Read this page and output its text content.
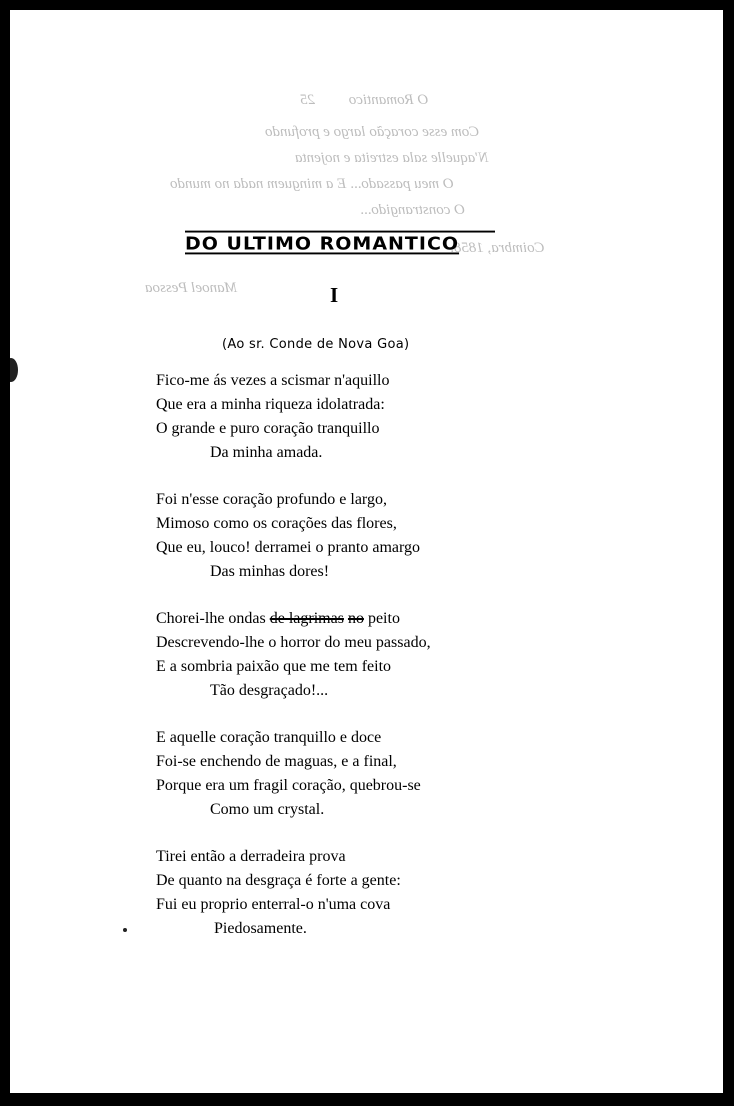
O Romantico         25
Com esse coração largo e profundo
N'aquelle sala estreita e nojenta
O meu passado... E a minguem nada no mundo
O constrangido...
Coimbra, 1858.
Manoel Pessoa
DO ULTIMO ROMANTICO
I
(Ao sr. Conde de Nova Goa)
Fico-me ás vezes a scismar n'aquillo
Que era a minha riqueza idolatrada:
O grande e puro coração tranquillo
Da minha amada.
Foi n'esse coração profundo e largo,
Mimoso como os corações das flores,
Que eu, louco! derramei o pranto amargo
Das minhas dores!
Chorei-lhe ondas de lagrimas no peito
Descrevendo-lhe o horror do meu passado,
E a sombria paixão que me tem feito
Tão desgraçado!...
E aquelle coração tranquillo e doce
Foi-se enchendo de maguas, e a final,
Porque era um fragil coração, quebrou-se
Como um crystal.
Tirei então a derradeira prova
De quanto na desgraça é forte a gente:
Fui eu proprio enterral-o n'uma cova
Piedosamente.
